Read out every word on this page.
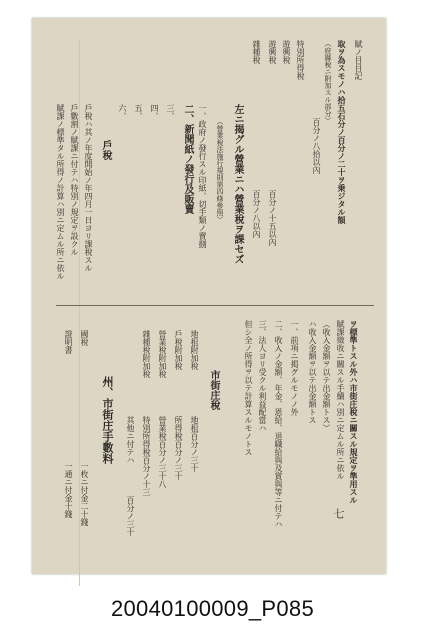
賦ノ目目記
取ヲ為スモノハ拾五石分ノ百分ノ二十ヲ乗ジタル額
（府縣稅ニ附加スル部分）
百分ノ八拾以內
特別所得稅
遊興稅
遊興稅
百分ノ十五以內
百分ノ八以內
雜種稅
左ニ揭グル營業ニハ營業稅ヲ課セズ
（營業稅法施行規則第四條參照）
一、政府ノ發行スル印紙、切手類ノ賣捌
二、新聞紙ノ發行及販賣
三、
四、
五、
六、
戶稅
戶稅ハ其ノ年度開始ノ年四月一日ヨリ課稅スル
戶數割ノ賦課ニ付テハ特別ノ規定ヲ設クル
賦課ノ標準タル所得ノ計算ハ別ニ定ムル所ニ依ル
ヲ標準トスル外ハ市街庄稅ニ關スル規定ヲ準用スル
賦課徵收ニ關スル手續ハ別ニ定ムル所ニ依ル
（收入金額ヲ以テ出金額トス）
ハ收入金額ヲ以テ出金額トス
一、前項ニ掲グルモノノ外
二、收入ノ金額、年金、恩給、退職給與及賞與等ニ付テハ
三、法人ヨリ受クル利益配當ハ
但シ全ノ所得ヲ以テ計算スルモノトス
市街庄稅
地租附加稅
戶稅附加稅
營業稅附加稅
雜種稅附加稅
地租百分ノ三十
所得稅百分ノ三十
營業稅百分ノ三十八
特別所得稅百分ノ十三
其他ニ付テハ
百分ノ三十
州、市街庄手數料
國稅
證明書
一枚ニ付金二十錢
一通ニ付金十錢	七
20040100009_P085
